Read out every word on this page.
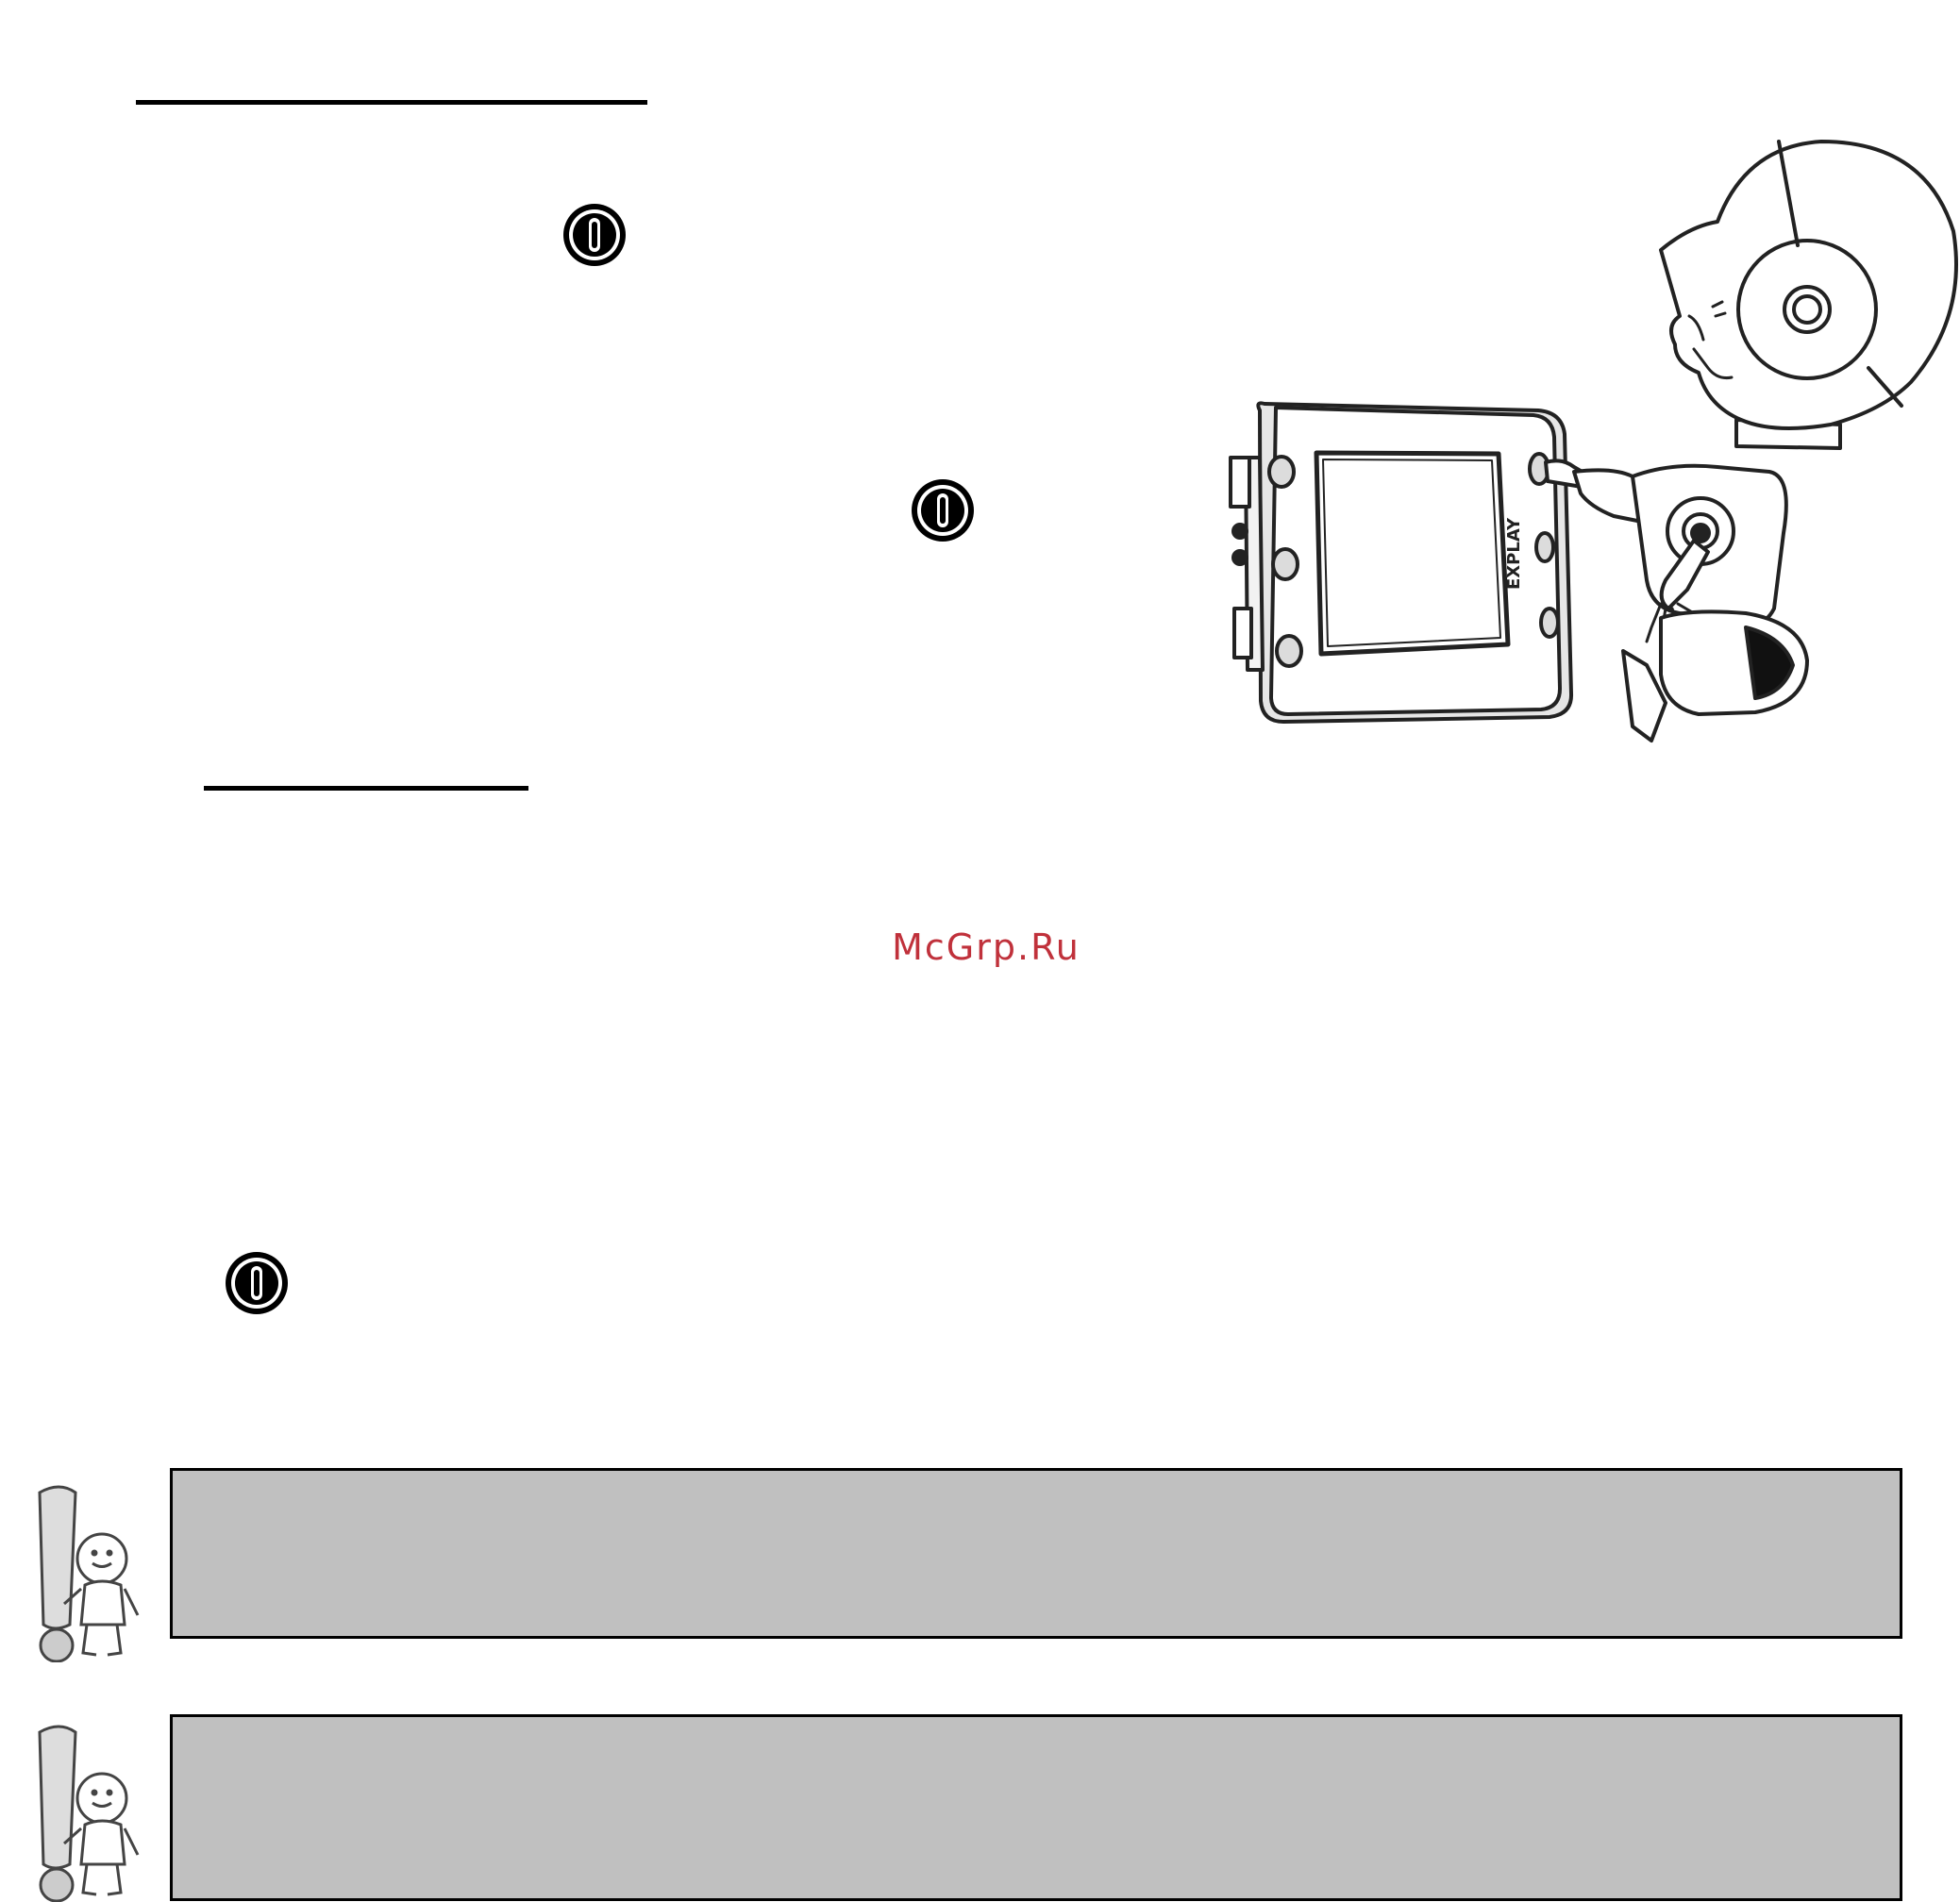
EXPLAY
McGrp.Ru
